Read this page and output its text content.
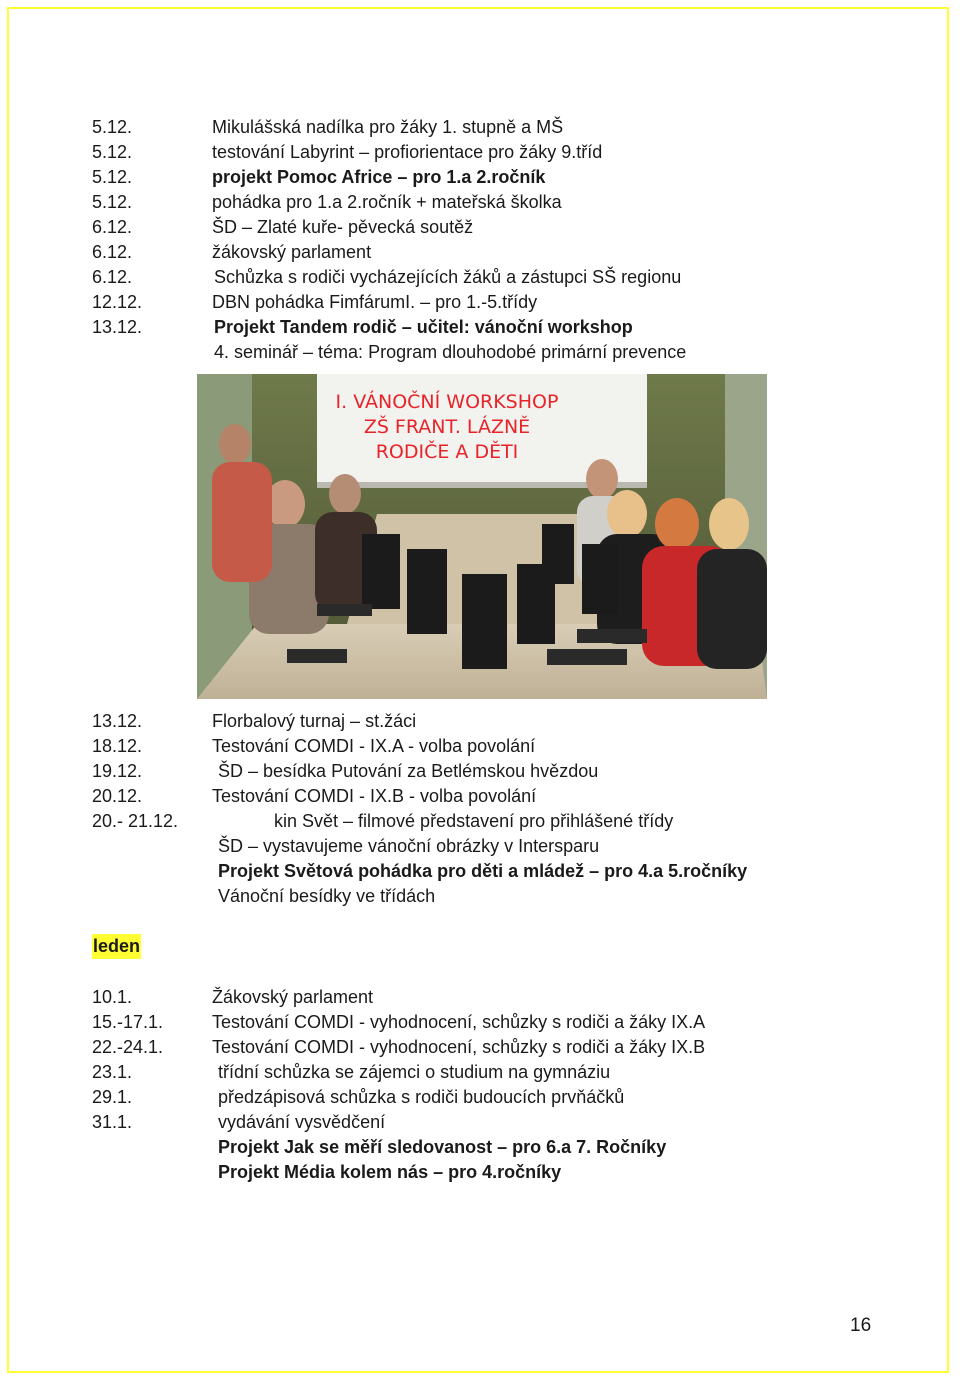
5.12.	Mikulášská nadílka pro žáky 1. stupně a MŠ
5.12.	testování Labyrint – profiorientace pro žáky 9.tříd
5.12.	projekt Pomoc Africe – pro 1.a 2.ročník
5.12.	pohádka pro 1.a 2.ročník + mateřská školka
6.12.	ŠD – Zlaté kuře- pěvecká soutěž
6.12.	žákovský parlament
6.12.	Schůzka s rodiči vycházejících žáků a zástupci SŠ regionu
12.12.	DBN pohádka FimfárumI. – pro 1.-5.třídy
13.12.	Projekt Tandem rodič – učitel: vánoční workshop
4. seminář – téma: Program dlouhodobé primární prevence
I. VÁNOČNÍ WORKSHOP
ZŠ FRANT. LÁZNĚ
RODIČE A DĚTI
13.12.	Florbalový turnaj – st.žáci
18.12.	Testování COMDI - IX.A - volba povolání
19.12.	ŠD – besídka Putování za Betlémskou hvězdou
20.12.	Testování COMDI - IX.B - volba povolání
20.- 21.12.	kin Svět – filmové představení pro přihlášené třídy
ŠD – vystavujeme vánoční obrázky v Intersparu
Projekt Světová pohádka pro děti a mládež – pro 4.a 5.ročníky
Vánoční besídky ve třídách
leden
10.1.	Žákovský parlament
15.-17.1.	Testování COMDI - vyhodnocení, schůzky s rodiči a žáky IX.A
22.-24.1.	Testování COMDI - vyhodnocení, schůzky s rodiči a žáky IX.B
23.1.	třídní schůzka se zájemci o studium na gymnáziu
29.1.	předzápisová schůzka s rodiči budoucích prvňáčků
31.1.	vydávání vysvědčení
Projekt Jak se měří sledovanost – pro 6.a 7. Ročníky
Projekt Média kolem nás – pro 4.ročníky
16
